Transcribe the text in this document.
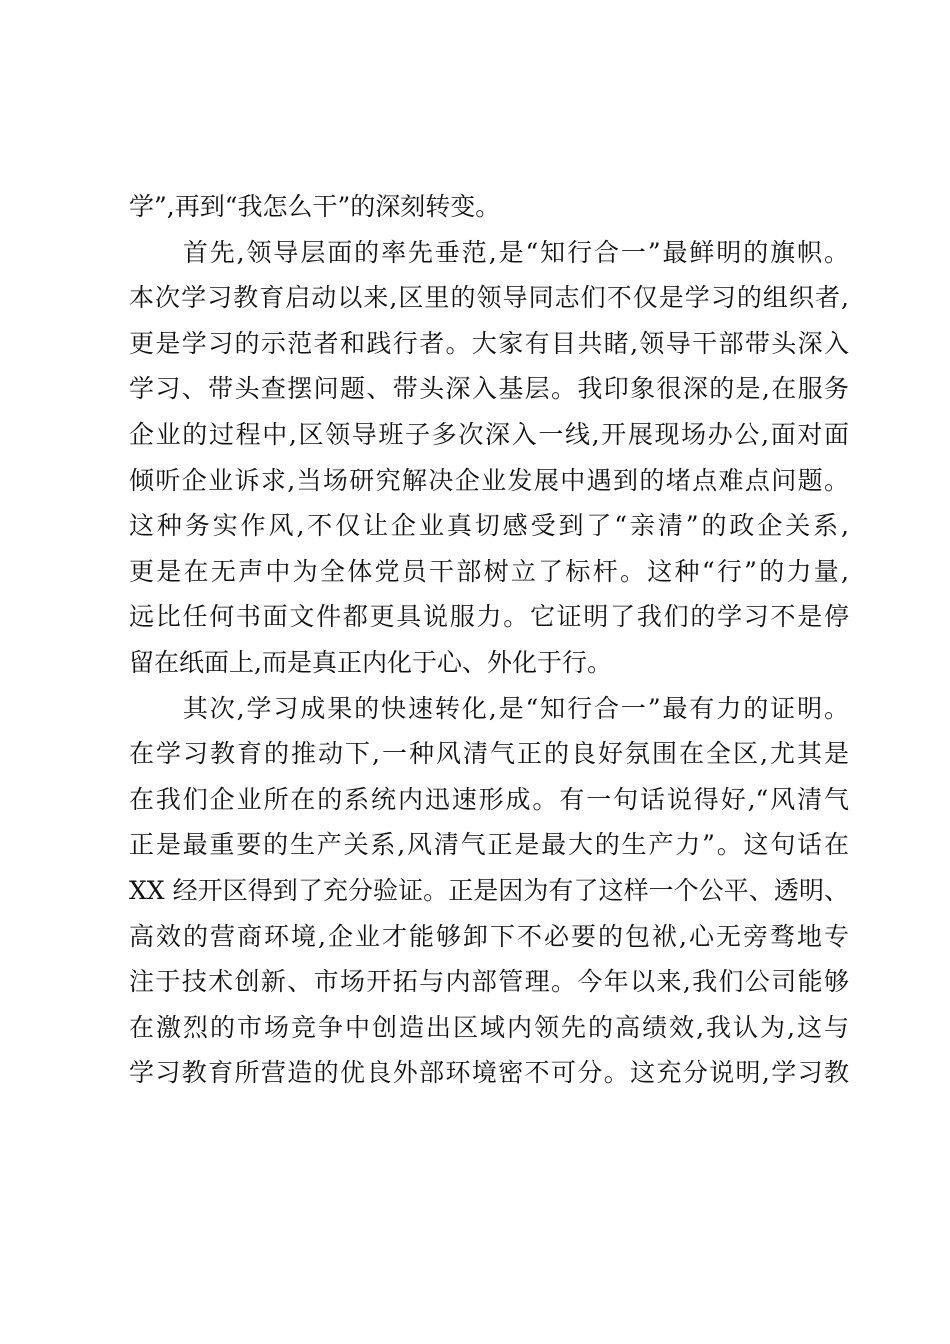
学”,再到“我怎么干”的深刻转变。
　　首先,领导层面的率先垂范,是“知行合一”最鲜明的旗帜。
本次学习教育启动以来,区里的领导同志们不仅是学习的组织者,
更是学习的示范者和践行者。大家有目共睹,领导干部带头深入
学习、带头查摆问题、带头深入基层。我印象很深的是,在服务
企业的过程中,区领导班子多次深入一线,开展现场办公,面对面
倾听企业诉求,当场研究解决企业发展中遇到的堵点难点问题。
这种务实作风,不仅让企业真切感受到了“亲清”的政企关系,
更是在无声中为全体党员干部树立了标杆。这种“行”的力量,
远比任何书面文件都更具说服力。它证明了我们的学习不是停
留在纸面上,而是真正内化于心、外化于行。
　　其次,学习成果的快速转化,是“知行合一”最有力的证明。
在学习教育的推动下,一种风清气正的良好氛围在全区,尤其是
在我们企业所在的系统内迅速形成。有一句话说得好,“风清气
正是最重要的生产关系,风清气正是最大的生产力”。这句话在
XX 经开区得到了充分验证。正是因为有了这样一个公平、透明、
高效的营商环境,企业才能够卸下不必要的包袱,心无旁骛地专
注于技术创新、市场开拓与内部管理。今年以来,我们公司能够
在激烈的市场竞争中创造出区域内领先的高绩效,我认为,这与
学习教育所营造的优良外部环境密不可分。这充分说明,学习教
